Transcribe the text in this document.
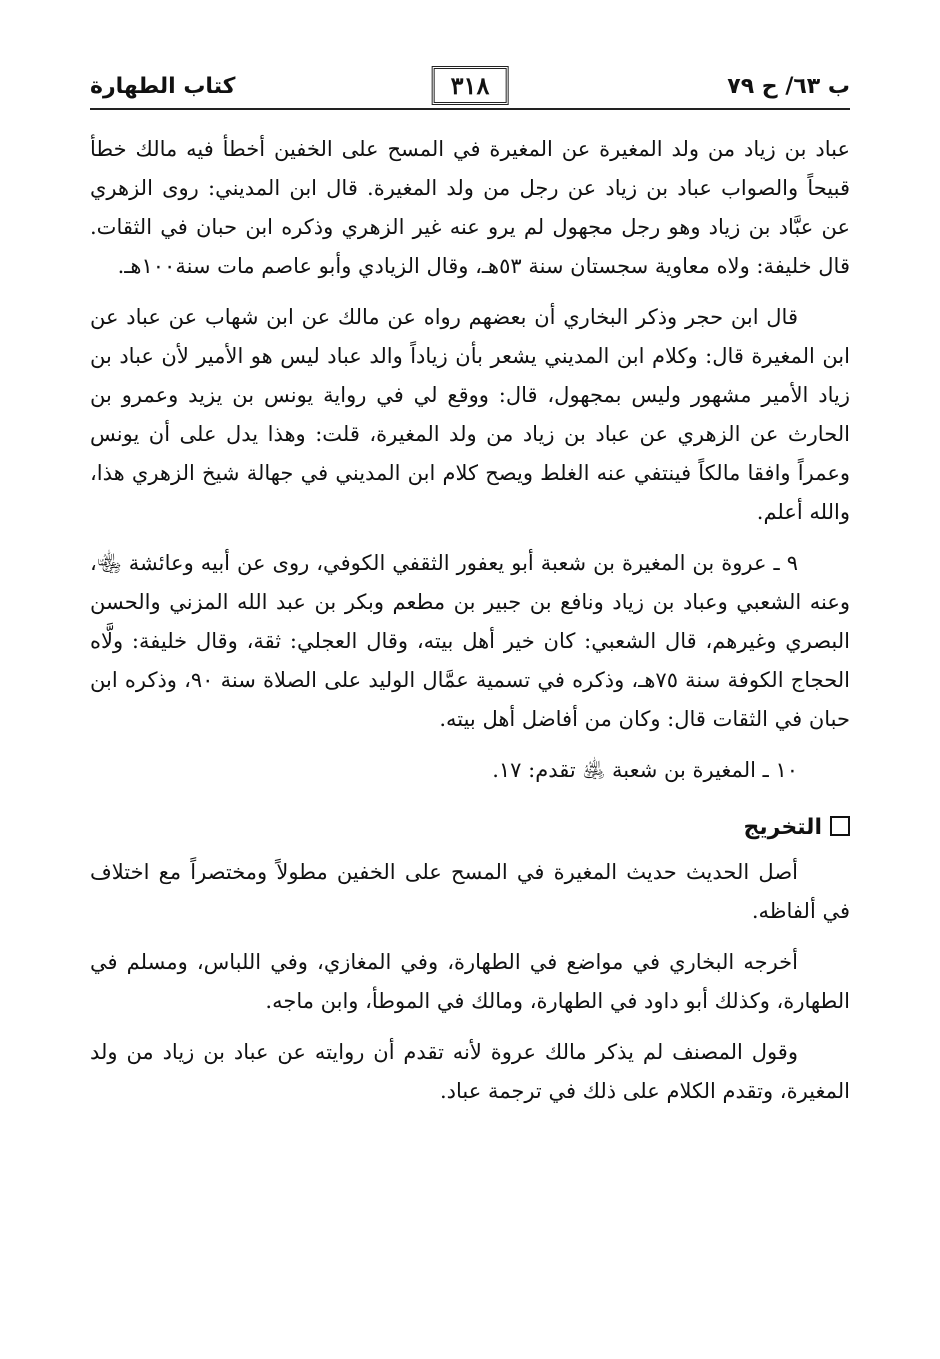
ب ٦٣/ ح ٧٩
٣١٨
كتاب الطهارة

عباد بن زياد من ولد المغيرة عن المغيرة في المسح على الخفين أخطأ فيه مالك خطأ قبيحاً والصواب عباد بن زياد عن رجل من ولد المغيرة. قال ابن المديني: روى الزهري عن عبَّاد بن زياد وهو رجل مجهول لم يرو عنه غير الزهري وذكره ابن حبان في الثقات. قال خليفة: ولاه معاوية سجستان سنة ٥٣هـ، وقال الزيادي وأبو عاصم مات سنة١٠٠هـ.

قال ابن حجر وذكر البخاري أن بعضهم رواه عن مالك عن ابن شهاب عن عباد عن ابن المغيرة قال: وكلام ابن المديني يشعر بأن زياداً والد عباد ليس هو الأمير لأن عباد بن زياد الأمير مشهور وليس بمجهول، قال: ووقع لي في رواية يونس بن يزيد وعمرو بن الحارث عن الزهري عن عباد بن زياد من ولد المغيرة، قلت: وهذا يدل على أن يونس وعمراً وافقا مالكاً فينتفي عنه الغلط ويصح كلام ابن المديني في جهالة شيخ الزهري هذا، والله أعلم.

٩ ـ عروة بن المغيرة بن شعبة أبو يعفور الثقفي الكوفي، روى عن أبيه وعائشة ﵄، وعنه الشعبي وعباد بن زياد ونافع بن جبير بن مطعم وبكر بن عبد الله المزني والحسن البصري وغيرهم، قال الشعبي: كان خير أهل بيته، وقال العجلي: ثقة، وقال خليفة: ولَّاه الحجاج الكوفة سنة ٧٥هـ، وذكره في تسمية عمَّال الوليد على الصلاة سنة ٩٠، وذكره ابن حبان في الثقات قال: وكان من أفاضل أهل بيته.

١٠ ـ المغيرة بن شعبة ﵁ تقدم: ١٧.

التخريج

أصل الحديث حديث المغيرة في المسح على الخفين مطولاً ومختصراً مع اختلاف في ألفاظه.

أخرجه البخاري في مواضع في الطهارة، وفي المغازي، وفي اللباس، ومسلم في الطهارة، وكذلك أبو داود في الطهارة، ومالك في الموطأ، وابن ماجه.

وقول المصنف لم يذكر مالك عروة لأنه تقدم أن روايته عن عباد بن زياد من ولد المغيرة، وتقدم الكلام على ذلك في ترجمة عباد.
